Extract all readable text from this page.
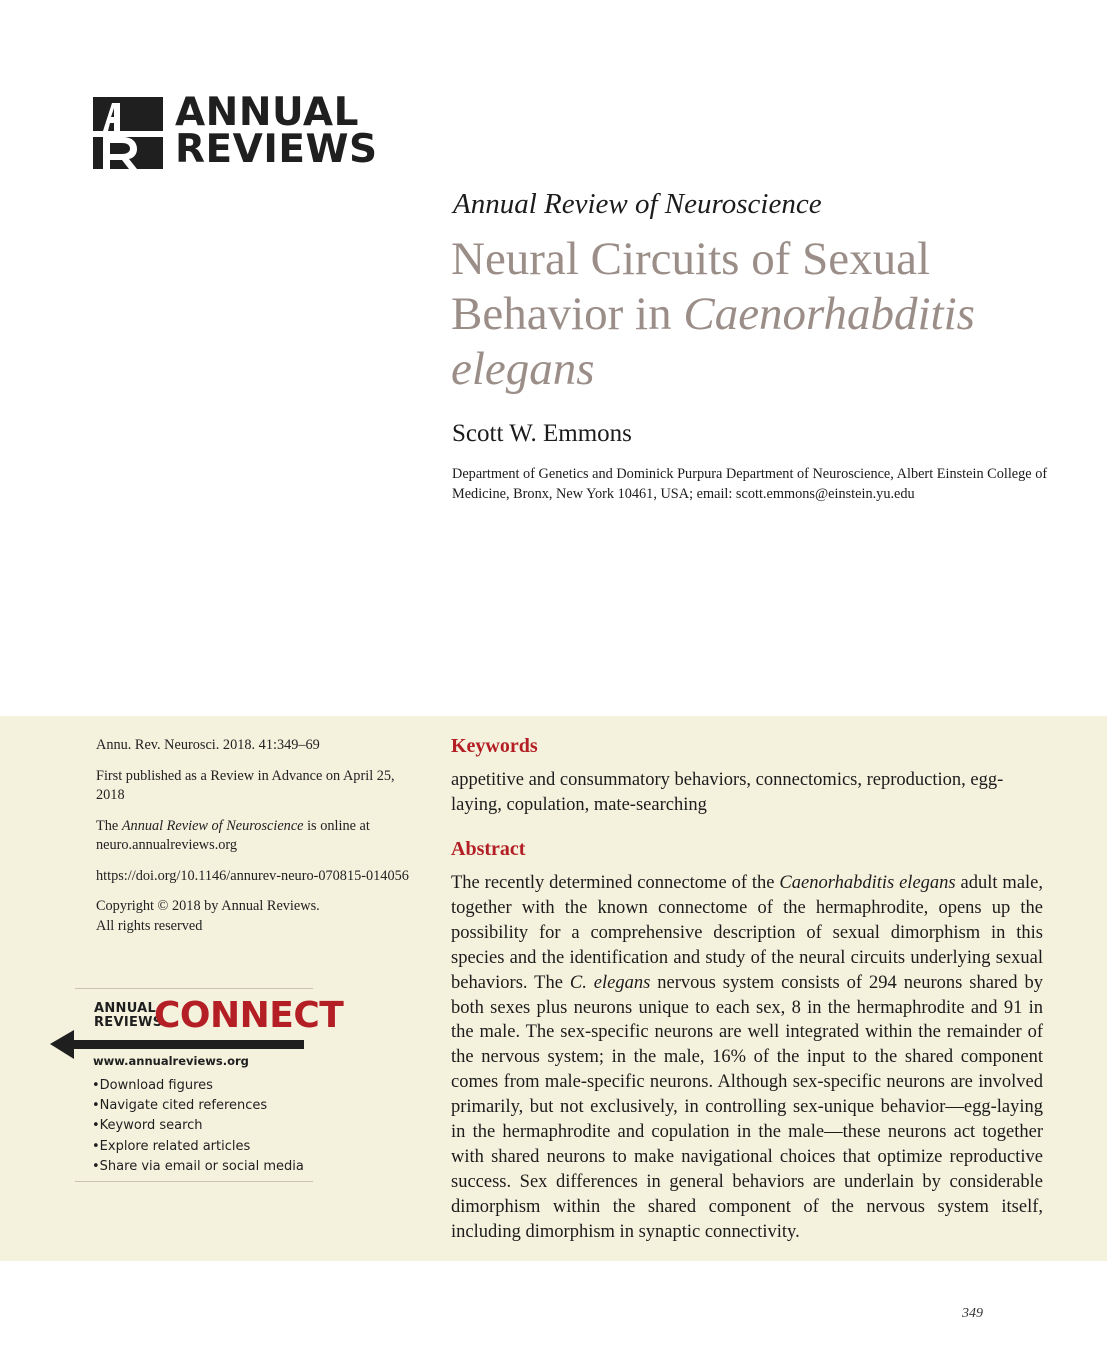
ANNUAL
REVIEWS
Annual Review of Neuroscience
Neural Circuits of Sexual Behavior in Caenorhabditis elegans
Scott W. Emmons
Department of Genetics and Dominick Purpura Department of Neuroscience, Albert Einstein College of Medicine, Bronx, New York 10461, USA; email: scott.emmons@einstein.yu.edu

Annu. Rev. Neurosci. 2018. 41:349–69

First published as a Review in Advance on April 25, 2018

The Annual Review of Neuroscience is online at neuro.annualreviews.org

https://doi.org/10.1146/annurev-neuro-070815-014056

Copyright © 2018 by Annual Reviews.
All rights reserved

ANNUAL
REVIEWS
CONNECT
www.annualreviews.org
• Download figures
• Navigate cited references
• Keyword search
• Explore related articles
• Share via email or social media
Keywords
appetitive and consummatory behaviors, connectomics, reproduction, egg-laying, copulation, mate-searching
Abstract
The recently determined connectome of the Caenorhabditis elegans adult male, together with the known connectome of the hermaphrodite, opens up the possibility for a comprehensive description of sexual dimorphism in this species and the identification and study of the neural circuits underlying sexual behaviors. The C. elegans nervous system consists of 294 neurons shared by both sexes plus neurons unique to each sex, 8 in the hermaphrodite and 91 in the male. The sex-specific neurons are well integrated within the remainder of the nervous system; in the male, 16% of the input to the shared component comes from male-specific neurons. Although sex-specific neurons are involved primarily, but not exclusively, in controlling sex-unique behavior—egg-laying in the hermaphrodite and copulation in the male—these neurons act together with shared neurons to make navigational choices that optimize reproductive success. Sex differences in general behaviors are underlain by considerable dimorphism within the shared component of the nervous system itself, including dimorphism in synaptic connectivity.
349
